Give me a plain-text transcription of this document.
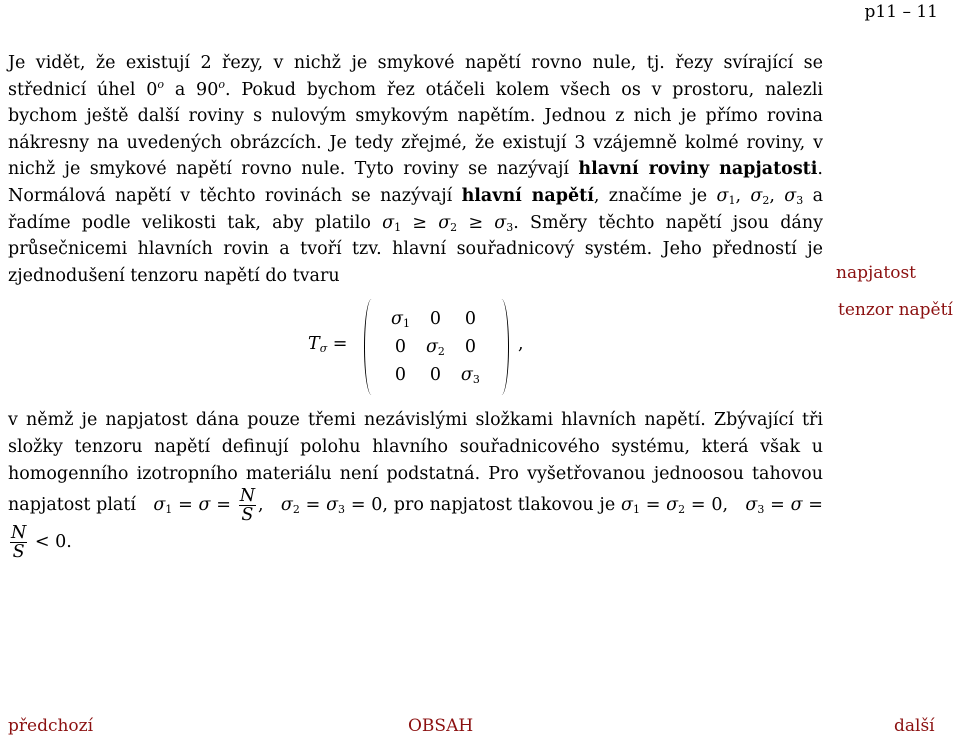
p11 – 11

Je vidět, že existují 2 řezy, v nichž je smykové napětí rovno nule, tj. řezy svírající se střednicí úhel 0$^o$ a 90$^o$. Pokud bychom řez otáčeli kolem všech os v prostoru, nalezli bychom ještě další roviny s nulovým smykovým napětím. Jednou z nich je přímo rovina nákresny na uvedených obrázcích. Je tedy zřejmé, že existují 3 vzájemně kolmé roviny, v nichž je smykové napětí rovno nule. Tyto roviny se nazývají hlavní roviny napjatosti. Normálová napětí v těchto rovinách se nazývají hlavní napětí, značíme je $\sigma_1$, $\sigma_2$, $\sigma_3$ a řadíme podle velikosti tak, aby platilo $\sigma_1 \ge \sigma_2 \ge \sigma_3$. Směry těchto napětí jsou dány průsečnicemi hlavních rovin a tvoří tzv. hlavní souřadnicový systém. Jeho předností je zjednodušení tenzoru napětí do tvaru

$T_\sigma$ =
$\sigma_1$	0	0
0	$\sigma_2$	0
0	0	$\sigma_3$
,

v němž je napjatost dána pouze třemi nezávislými složkami hlavních napětí. Zbývající tři složky tenzoru napětí definují polohu hlavního souřadnicového systému, která však u homogenního izotropního materiálu není podstatná. Pro vyšetřovanou jednoosou tahovou napjatost platí   $\sigma_1 = \sigma = \frac{N}{S}$ , $\sigma_2 = \sigma_3 = 0$, pro napjatost tlakovou je $\sigma_1 = \sigma_2 = 0$, $\sigma_3 = \sigma$ =
$\frac{N}{S} < 0$.

napjatost
tenzor napětí
předchozí	OBSAH	další
